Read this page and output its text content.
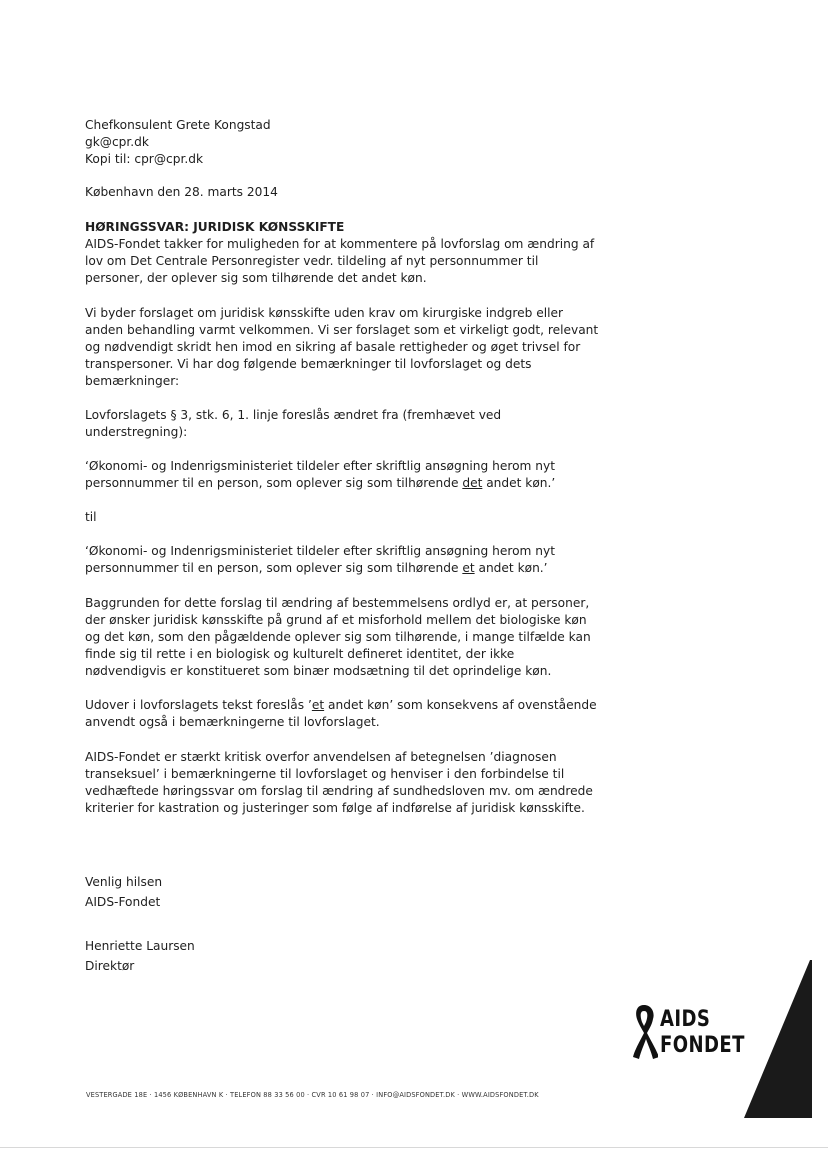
Chefkonsulent Grete Kongstad
gk@cpr.dk
Kopi til: cpr@cpr.dk
København den 28. marts 2014
HØRINGSSVAR: JURIDISK KØNSSKIFTE
AIDS-Fondet takker for muligheden for at kommentere på lovforslag om ændring af
lov om Det Centrale Personregister vedr. tildeling af nyt personnummer til
personer, der oplever sig som tilhørende det andet køn.
Vi byder forslaget om juridisk kønsskifte uden krav om kirurgiske indgreb eller
anden behandling varmt velkommen. Vi ser forslaget som et virkeligt godt, relevant
og nødvendigt skridt hen imod en sikring af basale rettigheder og øget trivsel for
transpersoner. Vi har dog følgende bemærkninger til lovforslaget og dets
bemærkninger:
Lovforslagets § 3, stk. 6, 1. linje foreslås ændret fra (fremhævet ved
understregning):
‘Økonomi- og Indenrigsministeriet tildeler efter skriftlig ansøgning herom nyt
personnummer til en person, som oplever sig som tilhørende det andet køn.’
til
‘Økonomi- og Indenrigsministeriet tildeler efter skriftlig ansøgning herom nyt
personnummer til en person, som oplever sig som tilhørende et andet køn.’
Baggrunden for dette forslag til ændring af bestemmelsens ordlyd er, at personer,
der ønsker juridisk kønsskifte på grund af et misforhold mellem det biologiske køn
og det køn, som den pågældende oplever sig som tilhørende, i mange tilfælde kan
finde sig til rette i en biologisk og kulturelt defineret identitet, der ikke
nødvendigvis er konstitueret som binær modsætning til det oprindelige køn.
Udover i lovforslagets tekst foreslås ’et andet køn’ som konsekvens af ovenstående
anvendt også i bemærkningerne til lovforslaget.
AIDS-Fondet er stærkt kritisk overfor anvendelsen af betegnelsen ’diagnosen
transeksuel’ i bemærkningerne til lovforslaget og henviser i den forbindelse til
vedhæftede høringssvar om forslag til ændring af sundhedsloven mv. om ændrede
kriterier for kastration og justeringer som følge af indførelse af juridisk kønsskifte.
Venlig hilsen
AIDS-Fondet
Henriette Laursen
Direktør
AIDS
FONDET
VESTERGADE 18E · 1456 KØBENHAVN K · TELEFON 88 33 56 00 · CVR 10 61 98 07 · INFO@AIDSFONDET.DK · WWW.AIDSFONDET.DK
